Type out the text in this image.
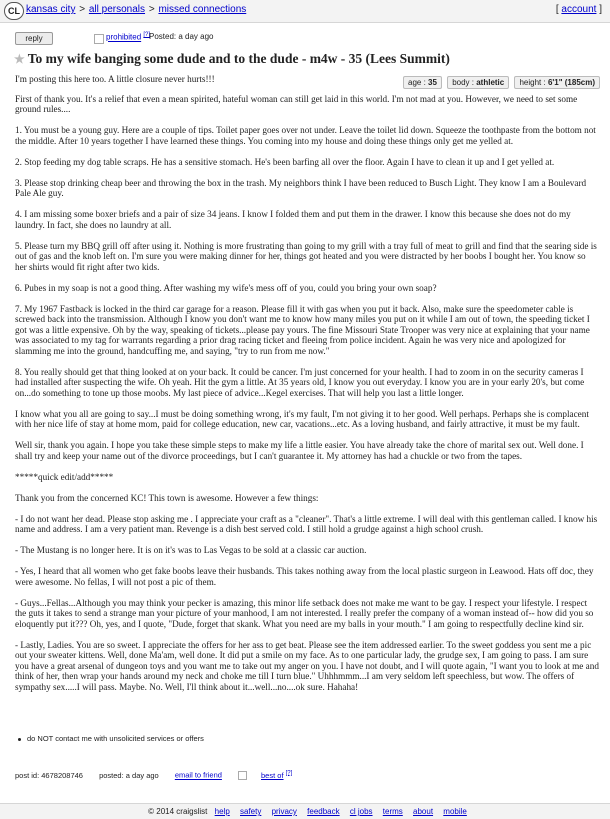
CL kansas city > all personals > missed connections	[ account ]
reply	prohibited [?]
Posted: a day ago
★ To my wife banging some dude and to the dude - m4w - 35 (Lees Summit)
age : 35 body : athletic height : 6'1" (185cm)

I'm posting this here too. A little closure never hurts!!!

First of thank you. It's a relief that even a mean spirited, hateful woman can still get laid in this world. I'm not mad at you. However, we need to set some ground rules....

1. You must be a young guy. Here are a couple of tips. Toilet paper goes over not under. Leave the toilet lid down. Squeeze the toothpaste from the bottom not the middle. After 10 years together I have learned these things. You coming into my house and doing these things only get me yelled at.

2. Stop feeding my dog table scraps. He has a sensitive stomach. He's been barfing all over the floor. Again I have to clean it up and I get yelled at.

3. Please stop drinking cheap beer and throwing the box in the trash. My neighbors think I have been reduced to Busch Light. They know I am a Boulevard Pale Ale guy.

4. I am missing some boxer briefs and a pair of size 34 jeans. I know I folded them and put them in the drawer. I know this because she does not do my laundry. In fact, she does no laundry at all.

5. Please turn my BBQ grill off after using it. Nothing is more frustrating than going to my grill with a tray full of meat to grill and find that the searing side is out of gas and the knob left on. I'm sure you were making dinner for her, things got heated and you were distracted by her boobs I bought her. You know so her shirts would fit right after two kids.

6. Pubes in my soap is not a good thing. After washing my wife's mess off of you, could you bring your own soap?

7. My 1967 Fastback is locked in the third car garage for a reason. Please fill it with gas when you put it back. Also, make sure the speedometer cable is screwed back into the transmission. Although I know you don't want me to know how many miles you put on it while I am out of town, the speeding ticket I got was a little expensive. Oh by the way, speaking of tickets...please pay yours. The fine Missouri State Trooper was very nice at explaining that your name was associated to my tag for warrants regarding a prior drag racing ticket and fleeing from police incident. Again he was very nice and apologized for slamming me into the ground, handcuffing me, and saying, "try to run from me now."

8. You really should get that thing looked at on your back. It could be cancer. I'm just concerned for your health. I had to zoom in on the security cameras I had installed after suspecting the wife. Oh yeah. Hit the gym a little. At 35 years old, I know you out everyday. I know you are in your early 20's, but come on...do something to tone up those moobs. My last piece of advice...Kegel exercises. That will help you last a little longer.

I know what you all are going to say...I must be doing something wrong, it's my fault, I'm not giving it to her good. Well perhaps. Perhaps she is complacent with her nice life of stay at home mom, paid for college education, new car, vacations...etc. As a loving husband, and fairly attractive, it must be my fault.

Well sir, thank you again. I hope you take these simple steps to make my life a little easier. You have already take the chore of marital sex out. Well done. I shall try and keep your name out of the divorce proceedings, but I can't guarantee it. My attorney has had a chuckle or two from the tapes.

*****quick edit/add*****

Thank you from the concerned KC! This town is awesome. However a few things:

- I do not want her dead. Please stop asking me . I appreciate your craft as a "cleaner". That's a little extreme. I will deal with this gentleman called. I know his name and address. I am a very patient man. Revenge is a dish best served cold. I still hold a grudge against a high school crush.

- The Mustang is no longer here. It is on it's was to Las Vegas to be sold at a classic car auction.

- Yes, I heard that all women who get fake boobs leave their husbands. This takes nothing away from the local plastic surgeon in Leawood. Hats off doc, they were awesome. No fellas, I will not post a pic of them.

- Guys...Fellas...Although you may think your pecker is amazing, this minor life setback does not make me want to be gay. I respect your lifestyle. I respect the guts it takes to send a strange man your picture of your manhood, I am not interested. I really prefer the company of a woman instead of-- how did you so eloquently put it??? Oh, yes, and I quote, "Dude, forget that skank. What you need are my balls in your mouth." I am going to respectfully decline kind sir.

- Lastly, Ladies. You are so sweet. I appreciate the offers for her ass to get beat. Please see the item addressed earlier. To the sweet goddess you sent me a pic out your sweater kittens. Well, done Ma'am, well done. It did put a smile on my face. As to one particular lady, the grudge sex, I am going to pass. I am sure you have a great arsenal of dungeon toys and you want me to take out my anger on you. I have not doubt, and I will quote again, "I want you to look at me and think of her, then wrap your hands around my neck and choke me till I turn blue." Uhhhmmm...I am very seldom left speechless, but wow. The offers of sympathy sex.....I will pass. Maybe. No. Well, I'll think about it...well...no....ok sure. Hahaha!

do NOT contact me with unsolicited services or offers
post id: 4678208746 posted: a day ago email to friend	best of [?]
© 2014 craigslist help safety privacy feedback cl jobs terms about mobile
